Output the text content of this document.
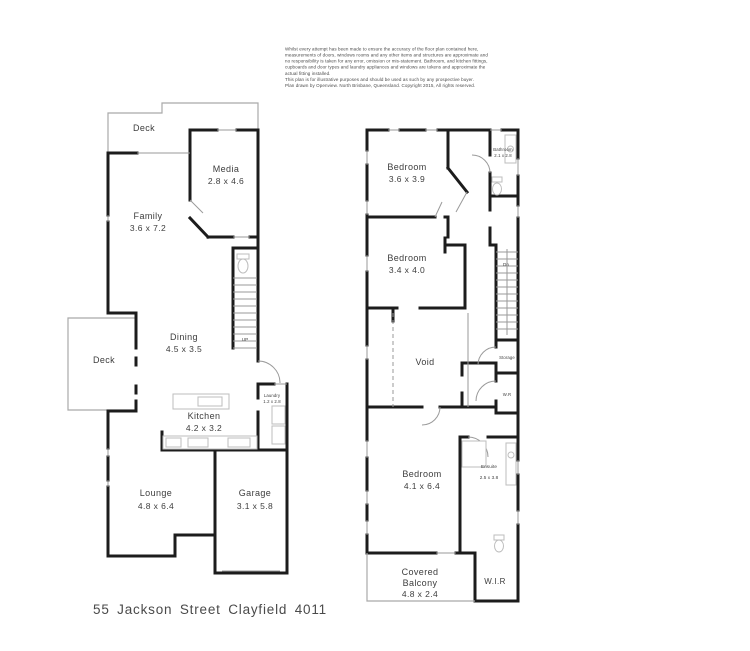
Whilst every attempt has been made to ensure the accuracy of the floor plan contained here,
measurements of doors, windows rooms and any other items and structures are approximate and
no responsibility is taken for any error, omission or mis-statement. Bathroom, and kitchen fittings,
cupboards and door types and laundry appliances and windows are tokens and approximate the
actual fitting installed.
This plan is for illustrative purposes and should be used as such by any prospective buyer.
Plan drawn by Openview. North Brisbane, Queensland. Copyright 2015, All rights reserved.
UP
Deck
Media
2.8 x 4.6
Family
3.6 x 7.2
Dining
4.5 x 3.5
Deck
Kitchen
4.2 x 3.2
Laundry
1.2 x 2.8
Lounge
4.8 x 6.4
Garage
3.1 x 5.8
Dn
Bedroom
3.6 x 3.9
Bathroom
2.1 x 2.8
Bedroom
3.4 x 4.0
Void	Storage
W.R
Bedroom
4.1 x 6.4
Ensuite
2.5 x 3.8
Covered
Balcony
4.8 x 2.4
W.I.R
55 Jackson Street Clayfield 4011
